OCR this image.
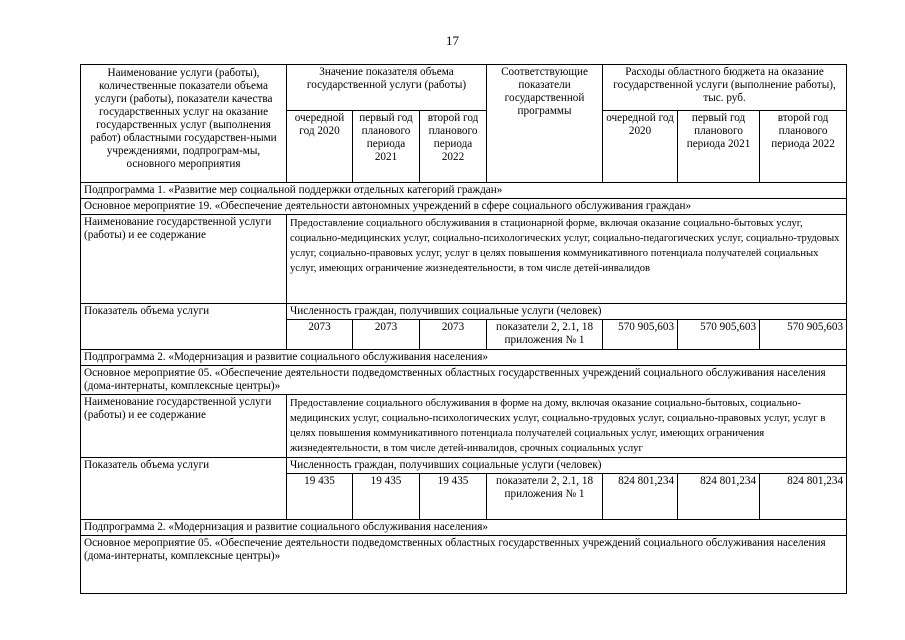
17
Наименование услуги (работы), количественные показатели объема услуги (работы), показатели качества государственных услуг на оказание государственных услуг (выполнения работ) областными государствен-ными учреждениями, подпрограм-мы, основного мероприятия	Значение показателя объема государственной услуги (работы)			Соответствующие показатели государственной программы	Расходы областного бюджета на оказание государственной услуги (выполнение работы), тыс. руб.		
	очередной год 2020	первый год планового периода 2021	второй год планового периода 2022		очередной год 2020	первый год планового периода 2021	второй год планового периода 2022
Подпрограмма 1. «Развитие мер социальной поддержки отдельных категорий граждан»							
Основное мероприятие 19. «Обеспечение деятельности автономных учреждений в сфере социального обслуживания граждан»							
Наименование государственной услуги (работы) и ее содержание	Предоставление социального обслуживания в стационарной форме, включая оказание социально-бытовых услуг, социально-медицинских услуг, социально-психологических услуг, социально-педагогических услуг, социально-трудовых услуг, социально-правовых услуг, услуг в целях повышения коммуникативного потенциала получателей социальных услуг, имеющих ограничение жизнедеятельности, в том числе детей-инвалидов						
Показатель объема услуги	Численность граждан, получивших социальные услуги (человек)						
	2073	2073	2073	показатели 2, 2.1, 18 приложения № 1	570 905,603	570 905,603	570 905,603
Подпрограмма 2. «Модернизация и развитие социального обслуживания населения»							
Основное мероприятие 05. «Обеспечение деятельности подведомственных областных государственных учреждений социального обслуживания населения (дома-интернаты, комплексные центры)»							
Наименование государственной услуги (работы) и ее содержание	Предоставление социального обслуживания в форме на дому, включая оказание социально-бытовых, социально-медицинских услуг, социально-психологических услуг, социально-трудовых услуг, социально-правовых услуг, услуг в целях повышения коммуникативного потенциала получателей социальных услуг, имеющих ограничения жизнедеятельности, в том числе детей-инвалидов, срочных социальных услуг						
Показатель объема услуги	Численность граждан, получивших социальные услуги (человек)						
	19 435	19 435	19 435	показатели 2, 2.1, 18 приложения № 1	824 801,234	824 801,234	824 801,234
Подпрограмма 2. «Модернизация и развитие социального обслуживания населения»							
Основное мероприятие 05. «Обеспечение деятельности подведомственных областных государственных учреждений социального обслуживания населения (дома-интернаты, комплексные центры)»							
